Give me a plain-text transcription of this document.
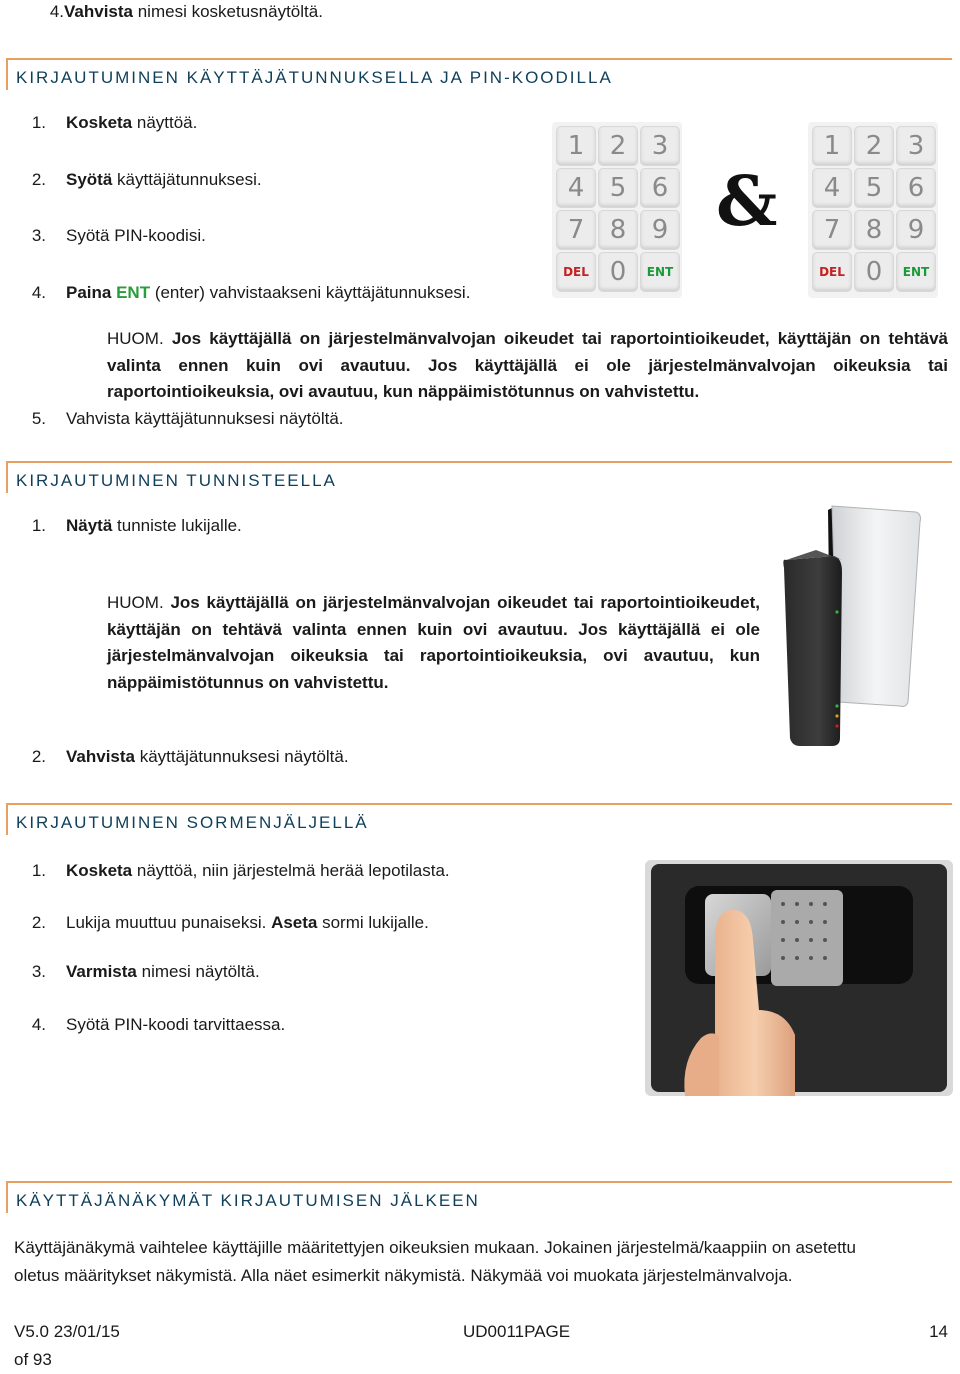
4.Vahvista nimesi kosketusnäytöltä.
KIRJAUTUMINEN KÄYTTÄJÄTUNNUKSELLA JA PIN-KOODILLA
1. Kosketa näyttöä.
2. Syötä käyttäjätunnuksesi.
3. Syötä PIN-koodisi.
4. Paina ENT (enter) vahvistaakseni käyttäjätunnuksesi.
1 2 3
4 5 6
7 8 9
DEL 0	ENT
&
1 2 3
4 5 6
7 8 9
DEL 0	ENT
HUOM. Jos käyttäjällä on järjestelmänvalvojan oikeudet tai raportointioikeudet, käyttäjän on tehtävä valinta ennen kuin ovi avautuu. Jos käyttäjällä ei ole järjestelmänvalvojan oikeuksia tai raportointioikeuksia, ovi avautuu, kun näppäimistötunnus on vahvistettu.
5. Vahvista käyttäjätunnuksesi näytöltä.
KIRJAUTUMINEN TUNNISTEELLA
1. Näytä tunniste lukijalle.
HUOM. Jos käyttäjällä on järjestelmänvalvojan oikeudet tai raportointioikeudet, käyttäjän on tehtävä valinta ennen kuin ovi avautuu. Jos käyttäjällä ei ole järjestelmänvalvojan oikeuksia tai raportointioikeuksia, ovi avautuu, kun näppäimistötunnus on vahvistettu.
2. Vahvista käyttäjätunnuksesi näytöltä.
KIRJAUTUMINEN SORMENJÄLJELLÄ
1. Kosketa näyttöä, niin järjestelmä herää lepotilasta.
2. Lukija muuttuu punaiseksi. Aseta sormi lukijalle.
3. Varmista nimesi näytöltä.
4. Syötä PIN-koodi tarvittaessa.
KÄYTTÄJÄNÄKYMÄT KIRJAUTUMISEN JÄLKEEN
Käyttäjänäkymä vaihtelee käyttäjille määritettyjen oikeuksien mukaan. Jokainen järjestelmä/kaappiin on asetettu
oletus määritykset näkymistä. Alla näet esimerkit näkymistä. Näkymää voi muokata järjestelmänvalvoja.
V5.0 23/01/15	UD0011PAGE	14
of 93
